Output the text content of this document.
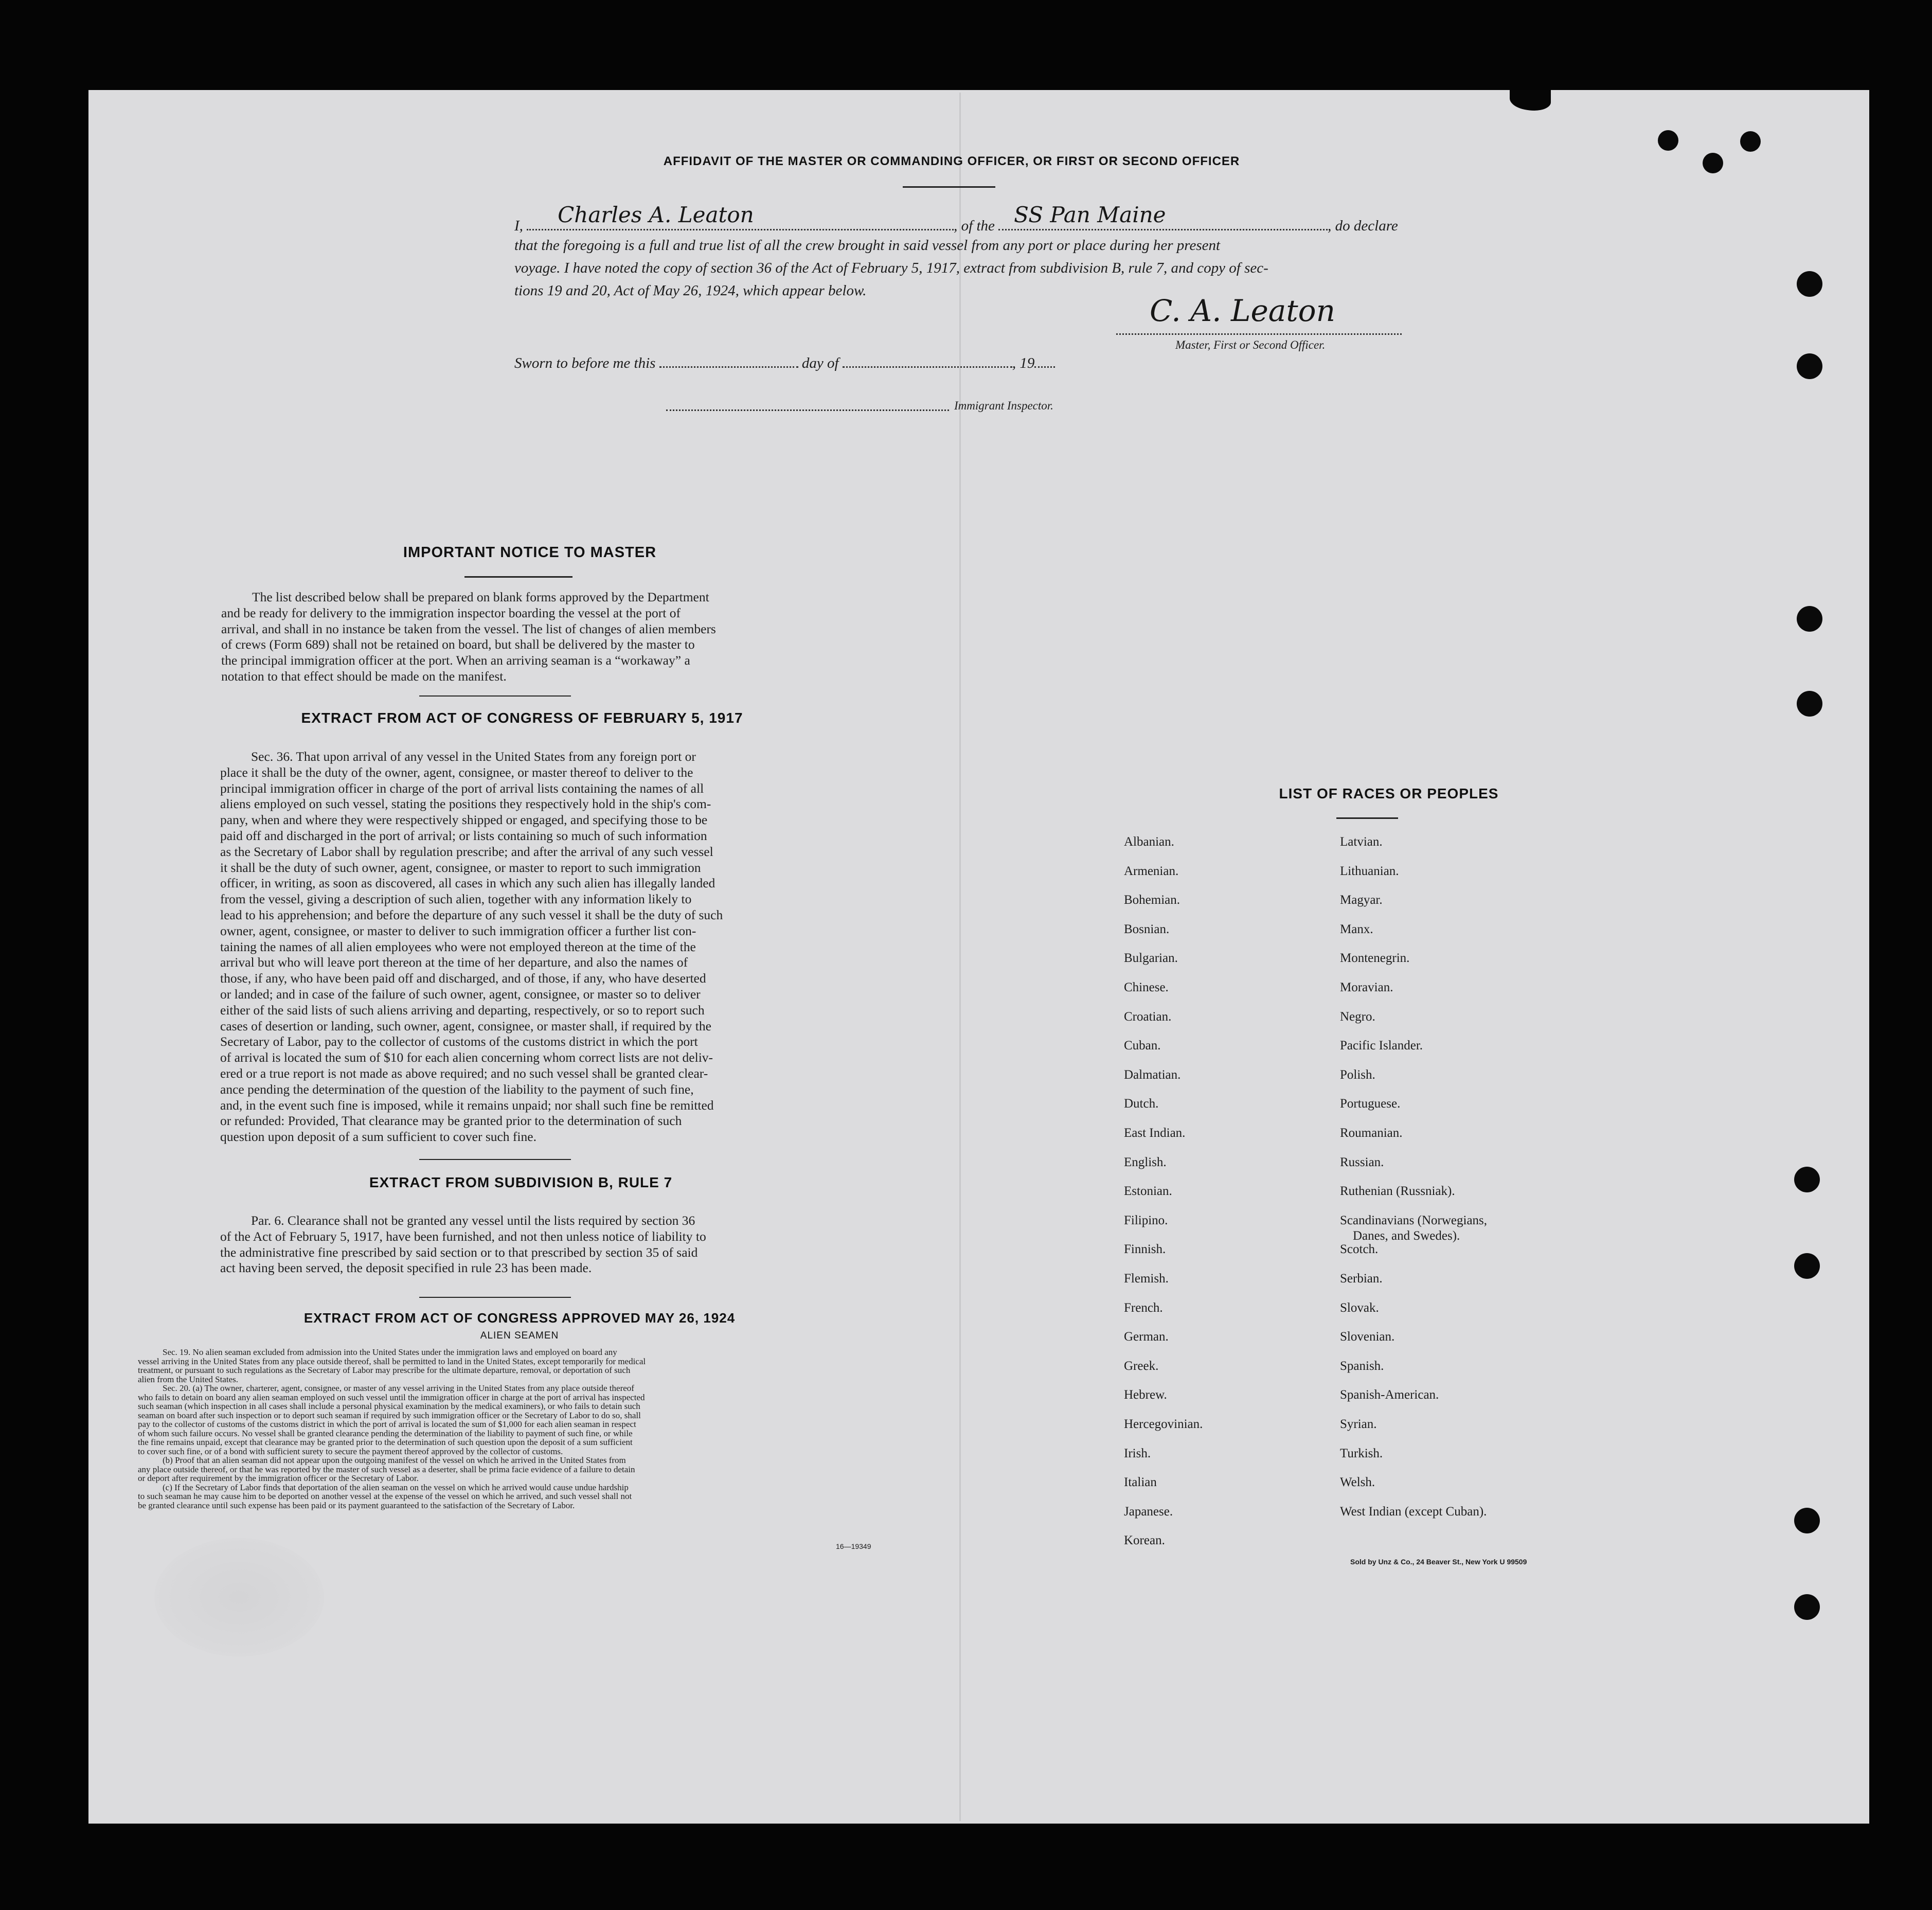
AFFIDAVIT OF THE MASTER OR COMMANDING OFFICER, OR FIRST OR SECOND OFFICER
I, Charles A. Leaton	, of the SS Pan Maine	, do declare
that the foregoing is a full and true list of all the crew brought in said vessel from any port or place during her present
voyage. I have noted the copy of section 36 of the Act of February 5, 1917, extract from subdivision B, rule 7, and copy of sec-
tions 19 and 20, Act of May 26, 1924, which appear below.
C. A. Leaton
Master, First or Second Officer.
Sworn to before me this	day of	, 19
Immigrant Inspector.
IMPORTANT NOTICE TO MASTER
The list described below shall be prepared on blank forms approved by the Department
and be ready for delivery to the immigration inspector boarding the vessel at the port of
arrival, and shall in no instance be taken from the vessel. The list of changes of alien members
of crews (Form 689) shall not be retained on board, but shall be delivered by the master to
the principal immigration officer at the port. When an arriving seaman is a “workaway” a
notation to that effect should be made on the manifest.
EXTRACT FROM ACT OF CONGRESS OF FEBRUARY 5, 1917
Sec. 36. That upon arrival of any vessel in the United States from any foreign port or
place it shall be the duty of the owner, agent, consignee, or master thereof to deliver to the
principal immigration officer in charge of the port of arrival lists containing the names of all
aliens employed on such vessel, stating the positions they respectively hold in the ship's com-
pany, when and where they were respectively shipped or engaged, and specifying those to be
paid off and discharged in the port of arrival; or lists containing so much of such information
as the Secretary of Labor shall by regulation prescribe; and after the arrival of any such vessel
it shall be the duty of such owner, agent, consignee, or master to report to such immigration
officer, in writing, as soon as discovered, all cases in which any such alien has illegally landed
from the vessel, giving a description of such alien, together with any information likely to
lead to his apprehension; and before the departure of any such vessel it shall be the duty of such
owner, agent, consignee, or master to deliver to such immigration officer a further list con-
taining the names of all alien employees who were not employed thereon at the time of the
arrival but who will leave port thereon at the time of her departure, and also the names of
those, if any, who have been paid off and discharged, and of those, if any, who have deserted
or landed; and in case of the failure of such owner, agent, consignee, or master so to deliver
either of the said lists of such aliens arriving and departing, respectively, or so to report such
cases of desertion or landing, such owner, agent, consignee, or master shall, if required by the
Secretary of Labor, pay to the collector of customs of the customs district in which the port
of arrival is located the sum of $10 for each alien concerning whom correct lists are not deliv-
ered or a true report is not made as above required; and no such vessel shall be granted clear-
ance pending the determination of the question of the liability to the payment of such fine,
and, in the event such fine is imposed, while it remains unpaid; nor shall such fine be remitted
or refunded: Provided, That clearance may be granted prior to the determination of such
question upon deposit of a sum sufficient to cover such fine.
EXTRACT FROM SUBDIVISION B, RULE 7
Par. 6. Clearance shall not be granted any vessel until the lists required by section 36
of the Act of February 5, 1917, have been furnished, and not then unless notice of liability to
the administrative fine prescribed by said section or to that prescribed by section 35 of said
act having been served, the deposit specified in rule 23 has been made.
EXTRACT FROM ACT OF CONGRESS APPROVED MAY 26, 1924
ALIEN SEAMEN
Sec. 19. No alien seaman excluded from admission into the United States under the immigration laws and employed on board any
vessel arriving in the United States from any place outside thereof, shall be permitted to land in the United States, except temporarily for medical
treatment, or pursuant to such regulations as the Secretary of Labor may prescribe for the ultimate departure, removal, or deportation of such
alien from the United States.
Sec. 20. (a) The owner, charterer, agent, consignee, or master of any vessel arriving in the United States from any place outside thereof
who fails to detain on board any alien seaman employed on such vessel until the immigration officer in charge at the port of arrival has inspected
such seaman (which inspection in all cases shall include a personal physical examination by the medical examiners), or who fails to detain such
seaman on board after such inspection or to deport such seaman if required by such immigration officer or the Secretary of Labor to do so, shall
pay to the collector of customs of the customs district in which the port of arrival is located the sum of $1,000 for each alien seaman in respect
of whom such failure occurs. No vessel shall be granted clearance pending the determination of the liability to payment of such fine, or while
the fine remains unpaid, except that clearance may be granted prior to the determination of such question upon the deposit of a sum sufficient
to cover such fine, or of a bond with sufficient surety to secure the payment thereof approved by the collector of customs.
(b) Proof that an alien seaman did not appear upon the outgoing manifest of the vessel on which he arrived in the United States from
any place outside thereof, or that he was reported by the master of such vessel as a deserter, shall be prima facie evidence of a failure to detain
or deport after requirement by the immigration officer or the Secretary of Labor.
(c) If the Secretary of Labor finds that deportation of the alien seaman on the vessel on which he arrived would cause undue hardship
to such seaman he may cause him to be deported on another vessel at the expense of the vessel on which he arrived, and such vessel shall not
be granted clearance until such expense has been paid or its payment guaranteed to the satisfaction of the Secretary of Labor.
16—19349
LIST OF RACES OR PEOPLES
Albanian.
Armenian.
Bohemian.
Bosnian.
Bulgarian.
Chinese.
Croatian.
Cuban.
Dalmatian.
Dutch.
East Indian.
English.
Estonian.
Filipino.
Finnish.
Flemish.
French.
German.
Greek.
Hebrew.
Hercegovinian.
Irish.
Italian
Japanese.
Korean.
Latvian.
Lithuanian.
Magyar.
Manx.
Montenegrin.
Moravian.
Negro.
Pacific Islander.
Polish.
Portuguese.
Roumanian.
Russian.
Ruthenian (Russniak).
Scandinavians (Norwegians,
Danes, and Swedes).
Scotch.
Serbian.
Slovak.
Slovenian.
Spanish.
Spanish-American.
Syrian.
Turkish.
Welsh.
West Indian (except Cuban).
Sold by Unz & Co., 24 Beaver St., New York U 99509
